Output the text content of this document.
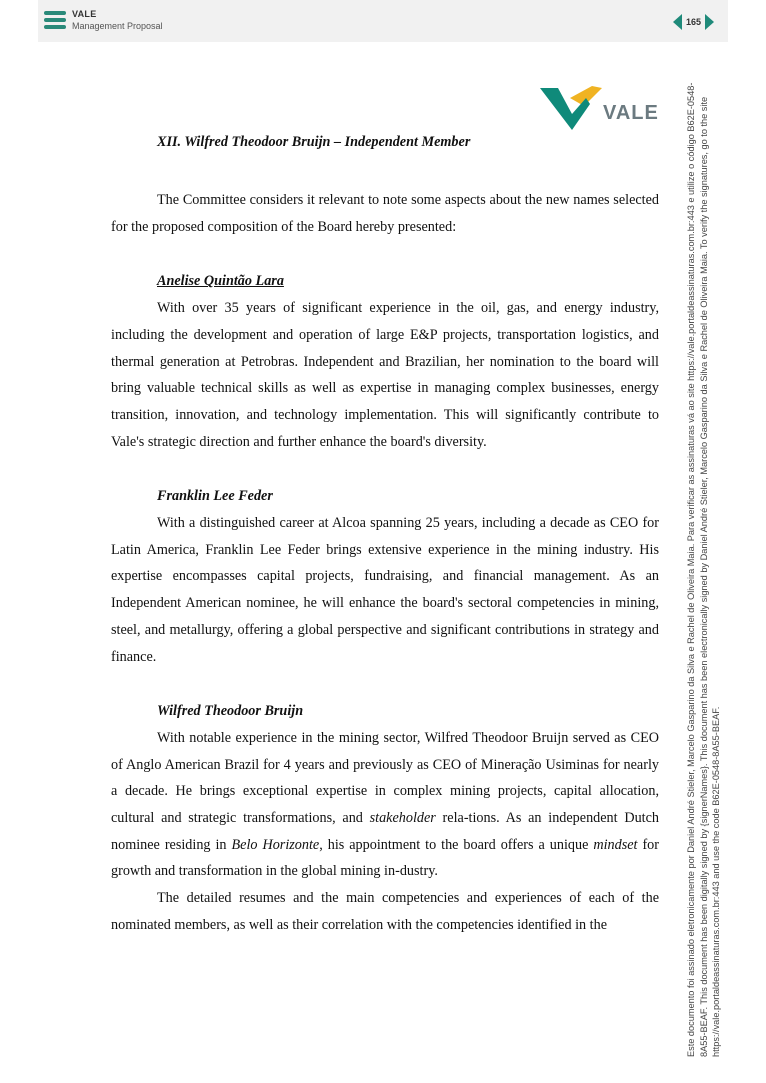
VALE
Management Proposal	165
VALE
XII. Wilfred Theodoor Bruijn – Independent Member

The Committee considers it relevant to note some aspects about the new names selected for the proposed composition of the Board hereby presented:

Anelise Quintão Lara

With over 35 years of significant experience in the oil, gas, and energy industry, including the development and operation of large E&P projects, transportation logistics, and thermal generation at Petrobras. Independent and Brazilian, her nomination to the board will bring valuable technical skills as well as expertise in managing complex businesses, energy transition, innovation, and technology implementation. This will significantly contribute to Vale's strategic direction and further enhance the board's diversity.

Franklin Lee Feder

With a distinguished career at Alcoa spanning 25 years, including a decade as CEO for Latin America, Franklin Lee Feder brings extensive experience in the mining industry. His expertise encompasses capital projects, fundraising, and financial management. As an Independent American nominee, he will enhance the board's sectoral competencies in mining, steel, and metallurgy, offering a global perspective and significant contributions in strategy and finance.

Wilfred Theodoor Bruijn

With notable experience in the mining sector, Wilfred Theodoor Bruijn served as CEO of Anglo American Brazil for 4 years and previously as CEO of Mineração Usiminas for nearly a decade. He brings exceptional expertise in complex mining projects, capital allocation, cultural and strategic transformations, and stakeholder rela-tions. As an independent Dutch nominee residing in Belo Horizonte, his appointment to the board offers a unique mindset for growth and transformation in the global mining in-dustry.

The detailed resumes and the main competencies and experiences of each of the nominated members, as well as their correlation with the competencies identified in the	Este documento foi assinado eletronicamente por Daniel André Stieler, Marcelo Gasparino da Silva e Rachel de Oliveira Maia. Para verificar as assinaturas vá ao site https://vale.portaldeassinaturas.com.br:443 e utilize o código B62E-0548-8A55-BEAF. This document has been digitally signed by {signerNames}. This document has been electronically signed by Daniel André Stieler, Marcelo Gasparino da Silva e Rachel de Oliveira Maia. To verify the signatures, go to the site https://vale.portaldeassinaturas.com.br:443 and use the code B62E-0548-8A55-BEAF.
